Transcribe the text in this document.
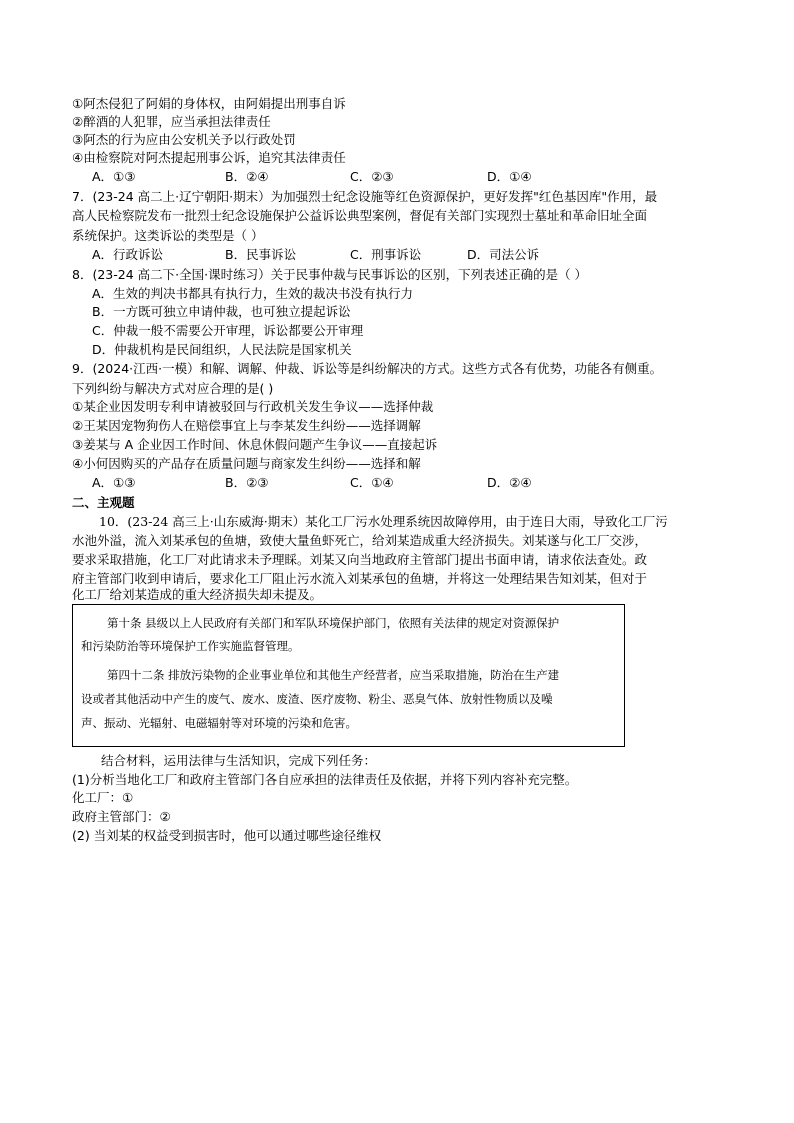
①阿杰侵犯了阿娟的身体权，由阿娟提出刑事自诉
②醉酒的人犯罪，应当承担法律责任
③阿杰的行为应由公安机关予以行政处罚
④由检察院对阿杰提起刑事公诉，追究其法律责任
A．①③	B．②④	C．②③	D．①④
7．(23-24 高二上·辽宁朝阳·期末）为加强烈士纪念设施等红色资源保护，更好发挥"红色基因库"作用，最
高人民检察院发布一批烈士纪念设施保护公益诉讼典型案例，督促有关部门实现烈士墓址和革命旧址全面
系统保护。这类诉讼的类型是（ ）
A．行政诉讼	B．民事诉讼	C．刑事诉讼	D．司法公诉
8．(23-24 高二下·全国·课时练习）关于民事仲裁与民事诉讼的区别，下列表述正确的是（ ）
A．生效的判决书都具有执行力，生效的裁决书没有执行力
B．一方既可独立申请仲裁，也可独立提起诉讼
C．仲裁一般不需要公开审理，诉讼都要公开审理
D．仲裁机构是民间组织，人民法院是国家机关
9．(2024·江西·一模）和解、调解、仲裁、诉讼等是纠纷解决的方式。这些方式各有优势，功能各有侧重。
下列纠纷与解决方式对应合理的是( )
①某企业因发明专利申请被驳回与行政机关发生争议——选择仲裁
②王某因宠物狗伤人在赔偿事宜上与李某发生纠纷——选择调解
③姜某与 A 企业因工作时间、休息休假问题产生争议——直接起诉
④小何因购买的产品存在质量问题与商家发生纠纷——选择和解
A．①③	B．②③	C．①④	D．②④
二、主观题
10．(23-24 高三上·山东威海·期末）某化工厂污水处理系统因故障停用，由于连日大雨，导致化工厂污
水池外溢，流入刘某承包的鱼塘，致使大量鱼虾死亡，给刘某造成重大经济损失。刘某遂与化工厂交涉，
要求采取措施，化工厂对此请求未予理睬。刘某又向当地政府主管部门提出书面申请，请求依法查处。政
府主管部门收到申请后，要求化工厂阻止污水流入刘某承包的鱼塘，并将这一处理结果告知刘某，但对于
化工厂给刘某造成的重大经济损失却未提及。
第十条 县级以上人民政府有关部门和军队环境保护部门，依照有关法律的规定对资源保护
和污染防治等环境保护工作实施监督管理。
第四十二条 排放污染物的企业事业单位和其他生产经营者，应当采取措施，防治在生产建
设或者其他活动中产生的废气、废水、废渣、医疗废物、粉尘、恶臭气体、放射性物质以及噪
声、振动、光辐射、电磁辐射等对环境的污染和危害。
结合材料，运用法律与生活知识，完成下列任务：
(1)分析当地化工厂和政府主管部门各自应承担的法律责任及依据，并将下列内容补充完整。
化工厂：①
政府主管部门：②
(2) 当刘某的权益受到损害时，他可以通过哪些途径维权
